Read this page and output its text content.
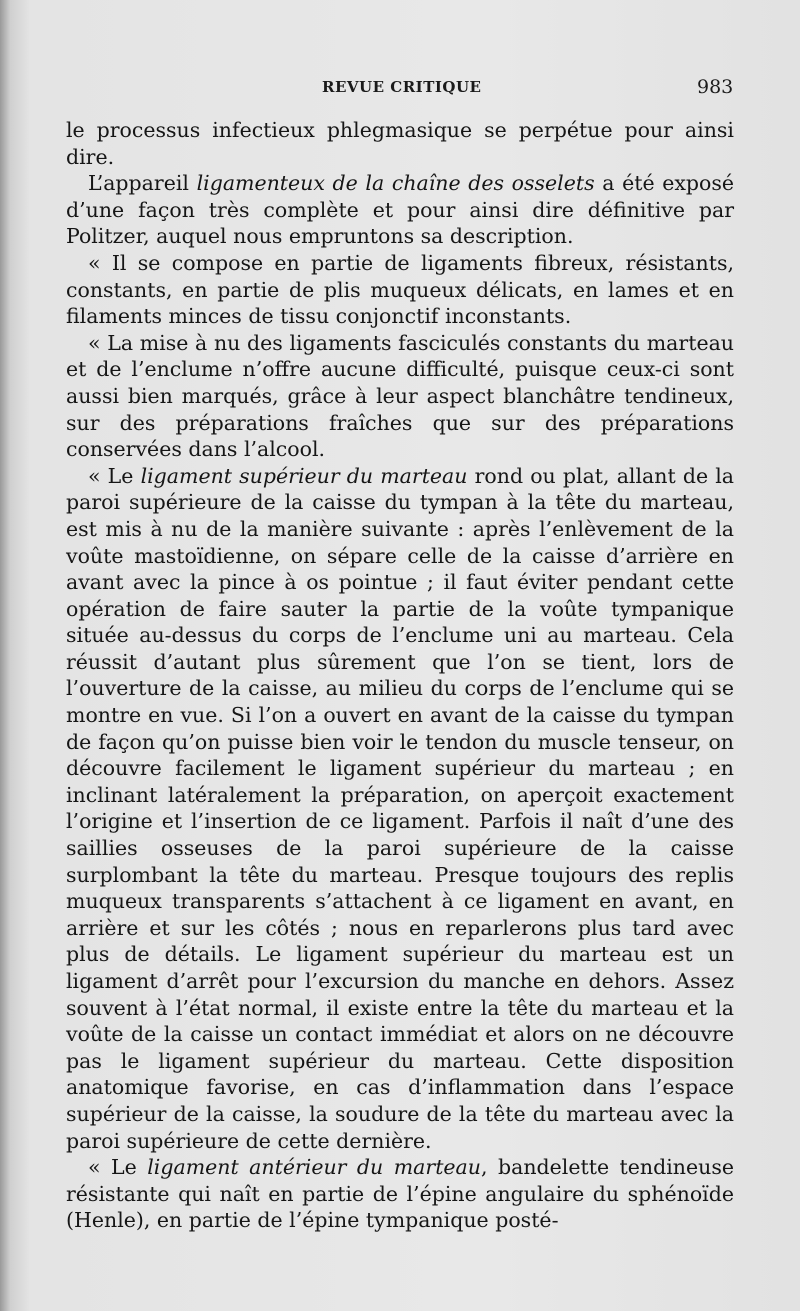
REVUE CRITIQUE	983

le processus infectieux phlegmasique se perpétue pour ainsi dire.

L’appareil ligamenteux de la chaîne des osselets a été exposé d’une façon très complète et pour ainsi dire définitive par Politzer, auquel nous empruntons sa description.

« Il se compose en partie de ligaments fibreux, résistants, constants, en partie de plis muqueux délicats, en lames et en filaments minces de tissu conjonctif inconstants.

« La mise à nu des ligaments fasciculés constants du marteau et de l’enclume n’offre aucune difficulté, puisque ceux-ci sont aussi bien marqués, grâce à leur aspect blanchâtre tendineux, sur des préparations fraîches que sur des préparations conservées dans l’alcool.

« Le ligament supérieur du marteau rond ou plat, allant de la paroi supérieure de la caisse du tympan à la tête du marteau, est mis à nu de la manière suivante : après l’enlèvement de la voûte mastoïdienne, on sépare celle de la caisse d’arrière en avant avec la pince à os pointue ; il faut éviter pendant cette opération de faire sauter la partie de la voûte tympanique située au-dessus du corps de l’enclume uni au marteau. Cela réussit d’autant plus sûrement que l’on se tient, lors de l’ouverture de la caisse, au milieu du corps de l’enclume qui se montre en vue. Si l’on a ouvert en avant de la caisse du tympan de façon qu’on puisse bien voir le tendon du muscle tenseur, on découvre facilement le ligament supérieur du marteau ; en inclinant latéralement la préparation, on aperçoit exactement l’origine et l’insertion de ce ligament. Parfois il naît d’une des saillies osseuses de la paroi supérieure de la caisse surplombant la tête du marteau. Presque toujours des replis muqueux transparents s’attachent à ce ligament en avant, en arrière et sur les côtés ; nous en reparlerons plus tard avec plus de détails. Le ligament supérieur du marteau est un ligament d’arrêt pour l’excursion du manche en dehors. Assez souvent à l’état normal, il existe entre la tête du marteau et la voûte de la caisse un contact immédiat et alors on ne découvre pas le ligament supérieur du marteau. Cette disposition anatomique favorise, en cas d’inflammation dans l’espace supérieur de la caisse, la soudure de la tête du marteau avec la paroi supérieure de cette dernière.

« Le ligament antérieur du marteau, bandelette tendineuse résistante qui naît en partie de l’épine angulaire du sphénoïde (Henle), en partie de l’épine tympanique posté-
